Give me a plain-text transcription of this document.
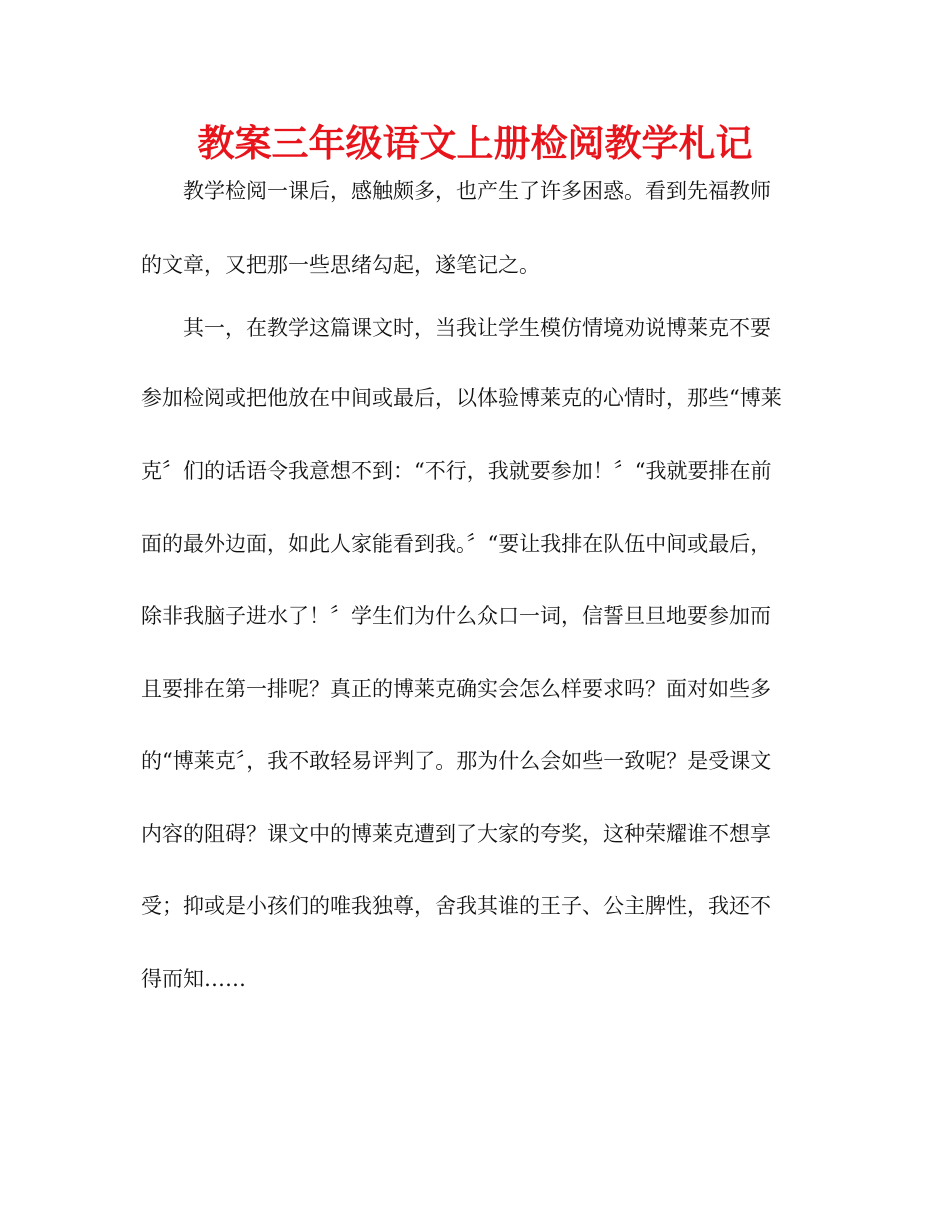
教案三年级语文上册检阅教学札记

教学检阅一课后，感触颇多，也产生了许多困惑。看到先福教师

的文章，又把那一些思绪勾起，遂笔记之。

其一，在教学这篇课文时，当我让学生模仿情境劝说博莱克不要

参加检阅或把他放在中间或最后，以体验博莱克的心情时，那些“博莱

克〞们的话语令我意想不到：“不行，我就要参加！〞“我就要排在前

面的最外边面，如此人家能看到我。〞“要让我排在队伍中间或最后，

除非我脑子进水了！〞学生们为什么众口一词，信誓旦旦地要参加而

且要排在第一排呢？真正的博莱克确实会怎么样要求吗？面对如些多

的“博莱克〞，我不敢轻易评判了。那为什么会如些一致呢？是受课文

内容的阻碍？课文中的博莱克遭到了大家的夸奖，这种荣耀谁不想享

受；抑或是小孩们的唯我独尊，舍我其谁的王子、公主脾性，我还不

得而知……
